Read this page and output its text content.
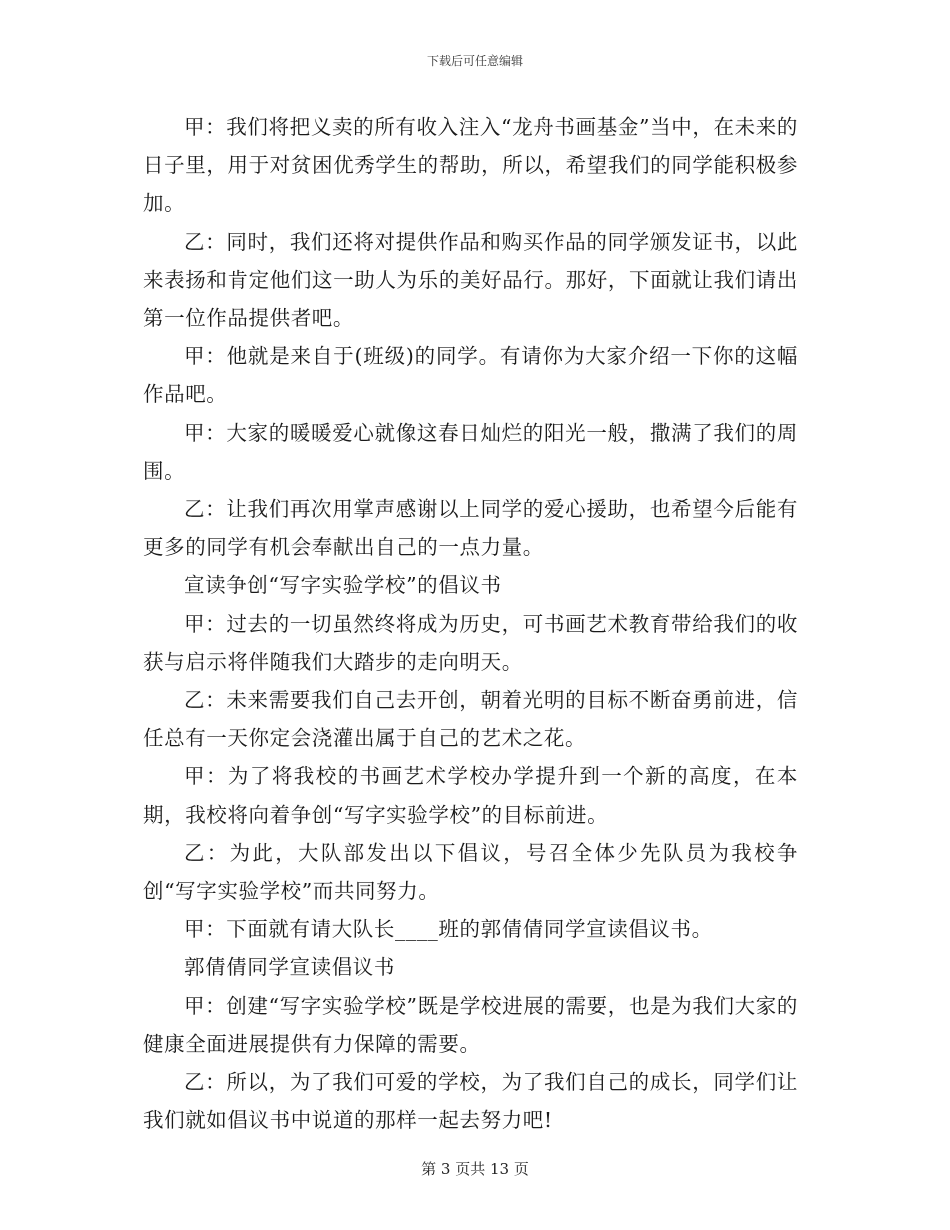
下载后可任意编辑

甲：我们将把义卖的所有收入注入“龙舟书画基金”当中，在未来的日子里，用于对贫困优秀学生的帮助，所以，希望我们的同学能积极参加。

乙：同时，我们还将对提供作品和购买作品的同学颁发证书，以此来表扬和肯定他们这一助人为乐的美好品行。那好，下面就让我们请出第一位作品提供者吧。

甲：他就是来自于(班级)的同学。有请你为大家介绍一下你的这幅作品吧。

甲：大家的暖暖爱心就像这春日灿烂的阳光一般，撒满了我们的周围。

乙：让我们再次用掌声感谢以上同学的爱心援助，也希望今后能有更多的同学有机会奉献出自己的一点力量。

宣读争创“写字实验学校”的倡议书

甲：过去的一切虽然终将成为历史，可书画艺术教育带给我们的收获与启示将伴随我们大踏步的走向明天。

乙：未来需要我们自己去开创，朝着光明的目标不断奋勇前进，信任总有一天你定会浇灌出属于自己的艺术之花。

甲：为了将我校的书画艺术学校办学提升到一个新的高度，在本期，我校将向着争创“写字实验学校”的目标前进。

乙：为此，大队部发出以下倡议，号召全体少先队员为我校争创“写字实验学校”而共同努力。

甲：下面就有请大队长____班的郭倩倩同学宣读倡议书。

郭倩倩同学宣读倡议书

甲：创建“写字实验学校”既是学校进展的需要，也是为我们大家的健康全面进展提供有力保障的需要。

乙：所以，为了我们可爱的学校，为了我们自己的成长，同学们让我们就如倡议书中说道的那样一起去努力吧!

第 3 页共 13 页
